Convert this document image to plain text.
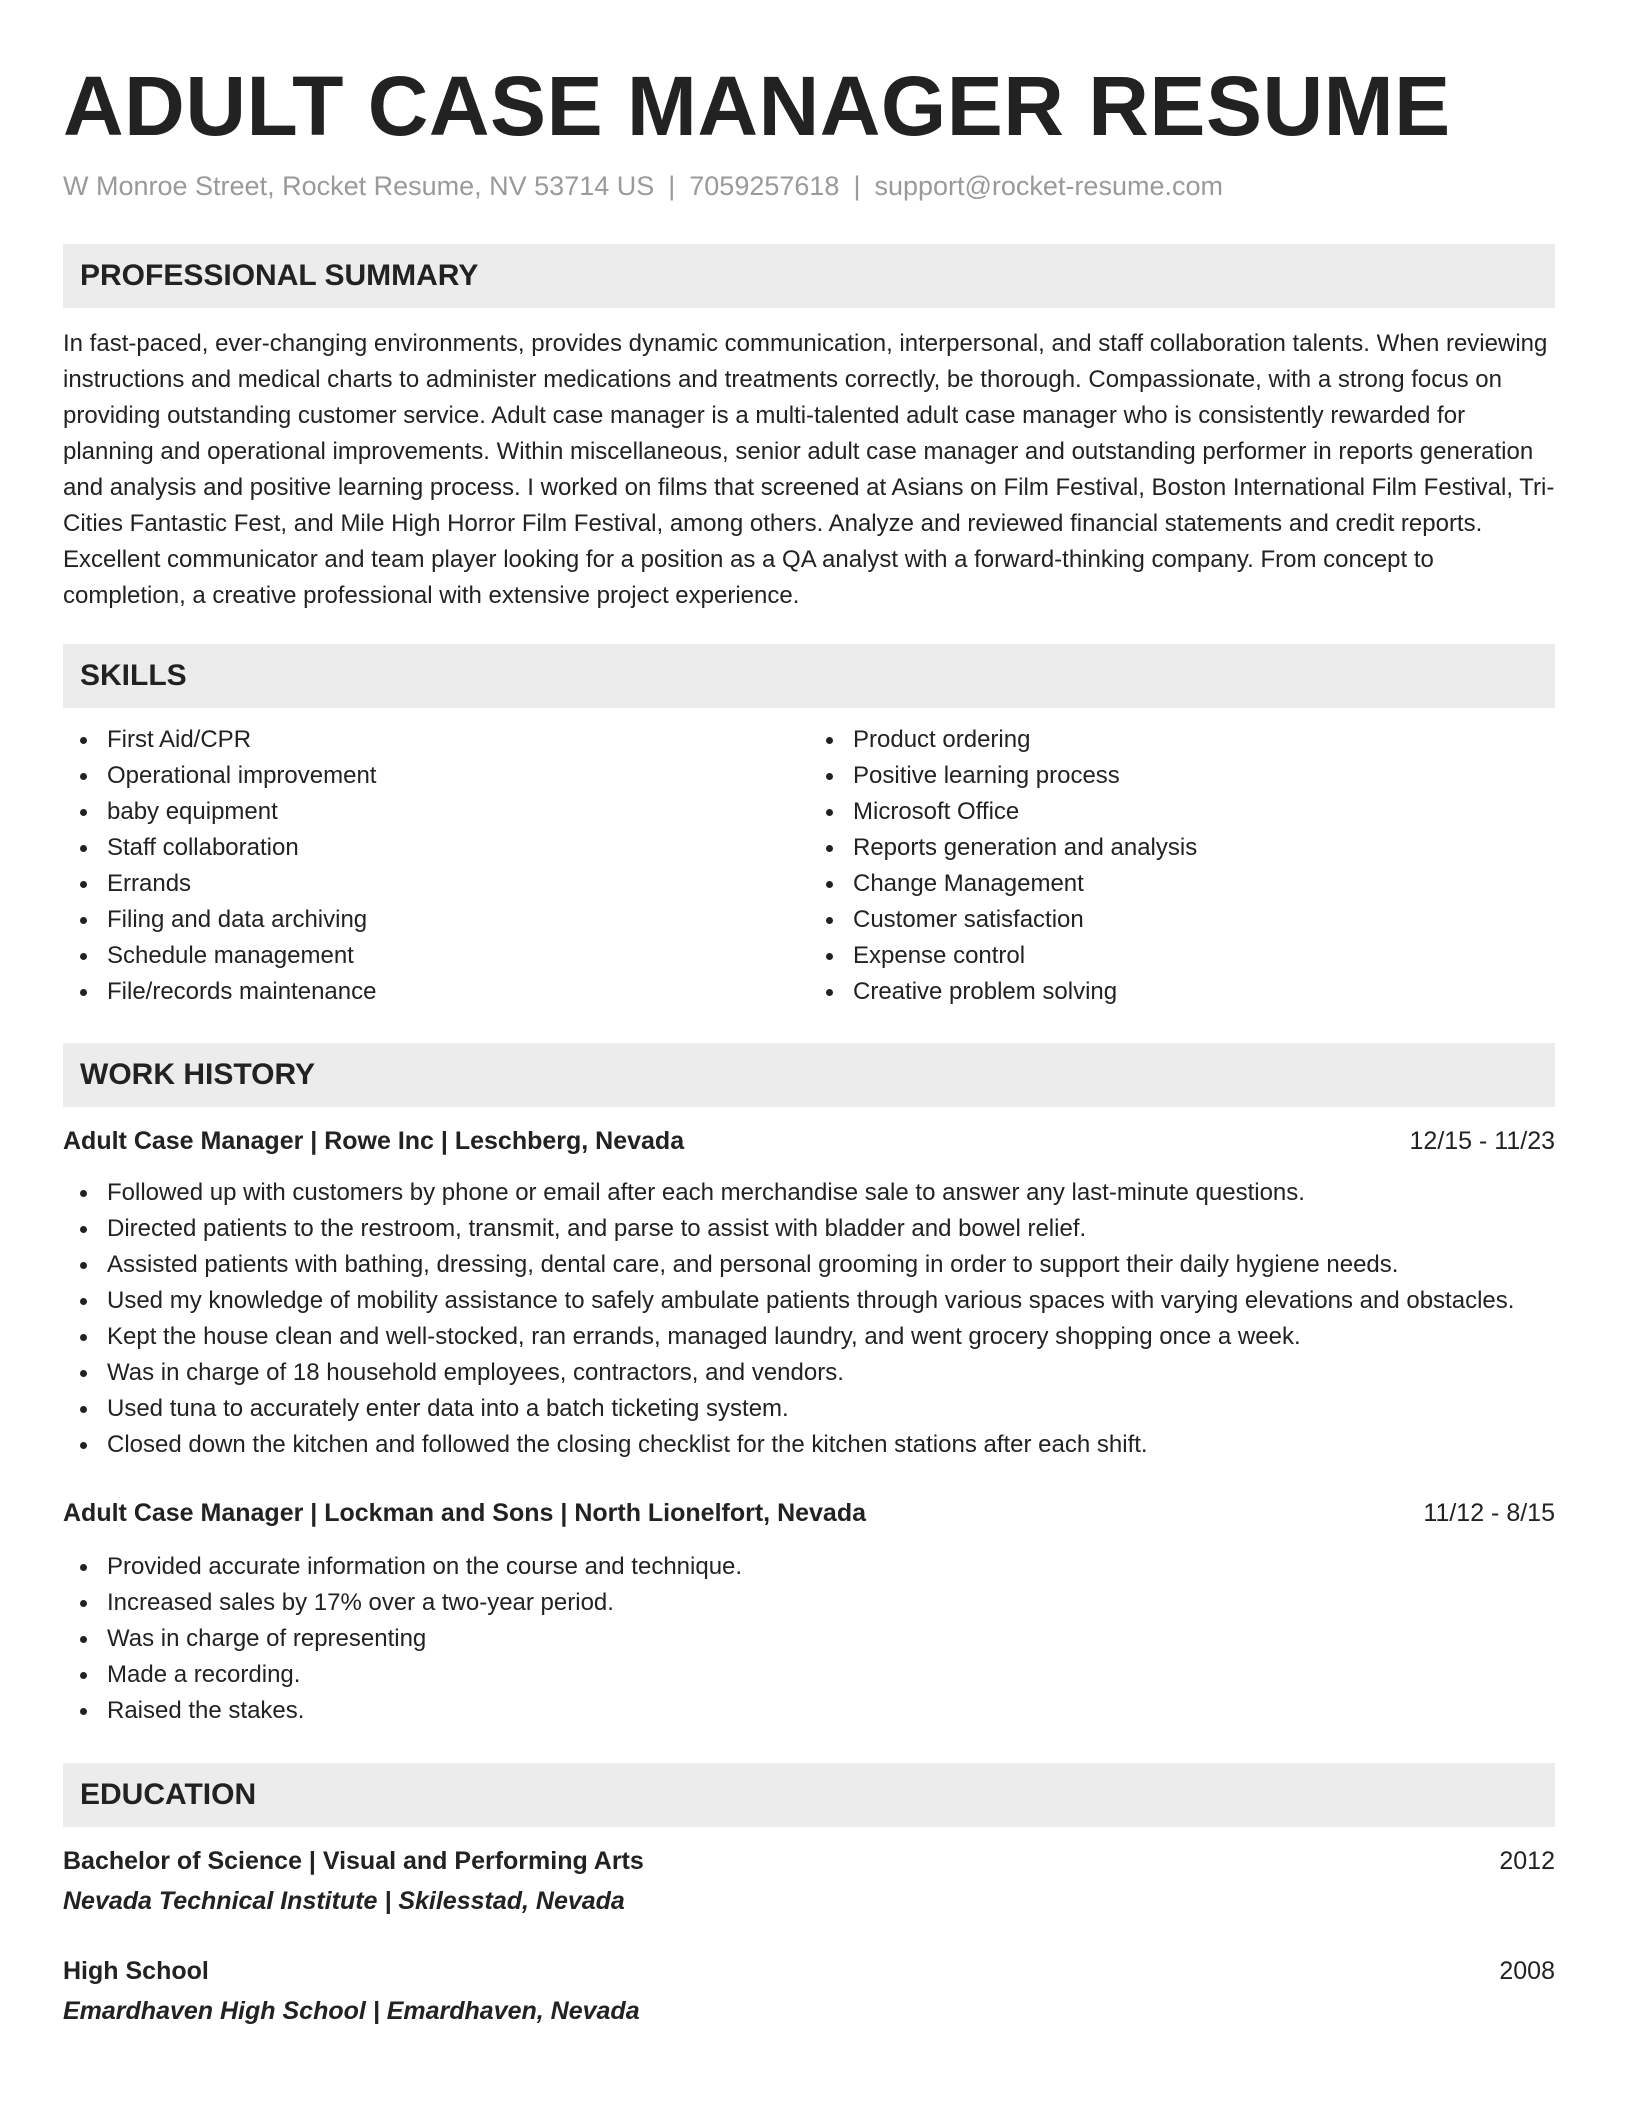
ADULT CASE MANAGER RESUME
W Monroe Street, Rocket Resume, NV 53714 US | 7059257618 | support@rocket-resume.com
PROFESSIONAL SUMMARY

In fast-paced, ever-changing environments, provides dynamic communication, interpersonal, and staff collaboration talents. When reviewing instructions and medical charts to administer medications and treatments correctly, be thorough. Compassionate, with a strong focus on providing outstanding customer service. Adult case manager is a multi-talented adult case manager who is consistently rewarded for planning and operational improvements. Within miscellaneous, senior adult case manager and outstanding performer in reports generation and analysis and positive learning process. I worked on films that screened at Asians on Film Festival, Boston International Film Festival, Tri-Cities Fantastic Fest, and Mile High Horror Film Festival, among others. Analyze and reviewed financial statements and credit reports. Excellent communicator and team player looking for a position as a QA analyst with a forward-thinking company. From concept to completion, a creative professional with extensive project experience.

SKILLS
First Aid/CPR
Operational improvement
baby equipment
Staff collaboration
Errands
Filing and data archiving
Schedule management
File/records maintenance
Product ordering
Positive learning process
Microsoft Office
Reports generation and analysis
Change Management
Customer satisfaction
Expense control
Creative problem solving
WORK HISTORY
Adult Case Manager | Rowe Inc | Leschberg, Nevada	12/15 - 11/23
Followed up with customers by phone or email after each merchandise sale to answer any last-minute questions.
Directed patients to the restroom, transmit, and parse to assist with bladder and bowel relief.
Assisted patients with bathing, dressing, dental care, and personal grooming in order to support their daily hygiene needs.
Used my knowledge of mobility assistance to safely ambulate patients through various spaces with varying elevations and obstacles.
Kept the house clean and well-stocked, ran errands, managed laundry, and went grocery shopping once a week.
Was in charge of 18 household employees, contractors, and vendors.
Used tuna to accurately enter data into a batch ticketing system.
Closed down the kitchen and followed the closing checklist for the kitchen stations after each shift.
Adult Case Manager | Lockman and Sons | North Lionelfort, Nevada	11/12 - 8/15
Provided accurate information on the course and technique.
Increased sales by 17% over a two-year period.
Was in charge of representing
Made a recording.
Raised the stakes.
EDUCATION
Bachelor of Science | Visual and Performing Arts	2012
Nevada Technical Institute | Skilesstad, Nevada
High School	2008
Emardhaven High School | Emardhaven, Nevada
